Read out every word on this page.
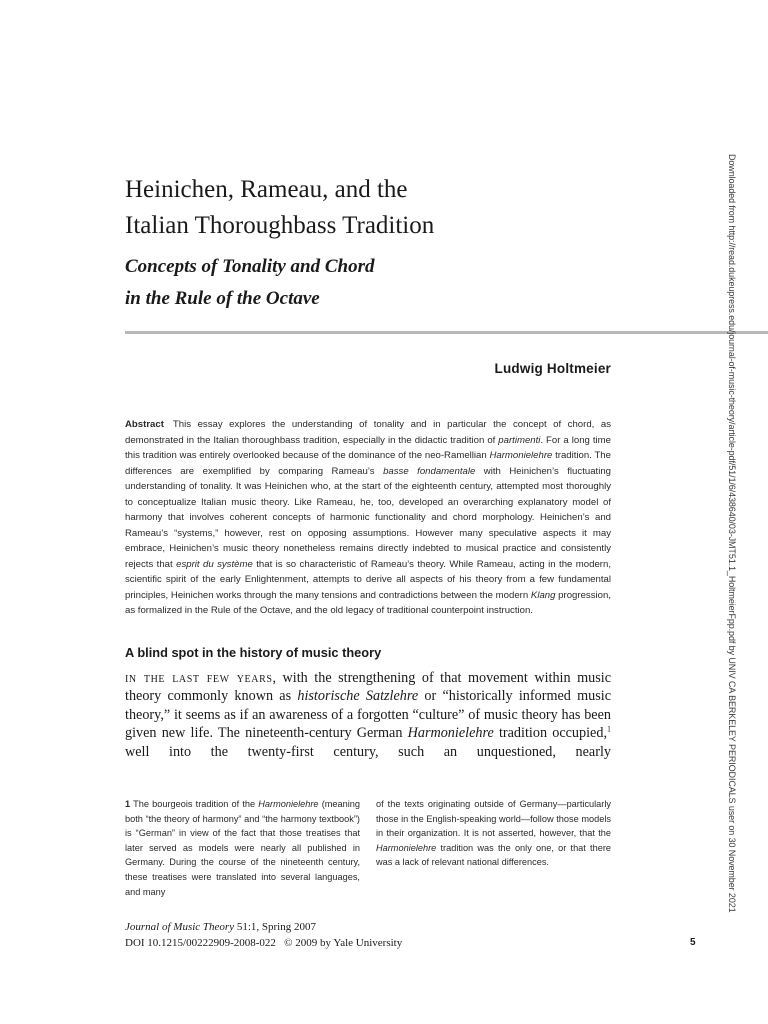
Heinichen, Rameau, and the
Italian Thoroughbass Tradition
Concepts of Tonality and Chord
in the Rule of the Octave
Ludwig Holtmeier

Abstract This essay explores the understanding of tonality and in particular the concept of chord, as demonstrated in the Italian thoroughbass tradition, especially in the didactic tradition of partimenti. For a long time this tradition was entirely overlooked because of the dominance of the neo-Ramellian Harmonielehre tradition. The differences are exemplified by comparing Rameau’s basse fondamentale with Heinichen’s fluctuating understanding of tonality. It was Heinichen who, at the start of the eighteenth century, attempted most thoroughly to conceptualize Italian music theory. Like Rameau, he, too, developed an overarching explanatory model of harmony that involves coherent concepts of harmonic functionality and chord morphology. Heinichen’s and Rameau’s “systems,” however, rest on opposing assumptions. However many speculative aspects it may embrace, Heinichen’s music theory nonetheless remains directly indebted to musical practice and consistently rejects that esprit du système that is so characteristic of Rameau’s theory. While Rameau, acting in the modern, scientific spirit of the early Enlightenment, attempts to derive all aspects of his theory from a few fundamental principles, Heinichen works through the many tensions and contradictions between the modern Klang progression, as formalized in the Rule of the Octave, and the old legacy of traditional counterpoint instruction.

A blind spot in the history of music theory

in the last few years, with the strengthening of that movement within music theory commonly known as historische Satzlehre or “historically informed music theory,” it seems as if an awareness of a forgotten “culture” of music theory has been given new life. The nineteenth-century German Harmonielehre tradition occupied,$^1$ well into the twenty-first century, such an unquestioned, nearly

1 The bourgeois tradition of the Harmonielehre (meaning both “the theory of harmony” and “the harmony textbook”) is “German” in view of the fact that those treatises that later served as models were nearly all published in Germany. During the course of the nineteenth century, these treatises were translated into several languages, and many
of the texts originating outside of Germany—particularly those in the English-speaking world—follow those models in their organization. It is not asserted, however, that the Harmonielehre tradition was the only one, or that there was a lack of relevant national differences.
Journal of Music Theory 51:1, Spring 2007
DOI 10.1215/00222909-2008-022   © 2009 by Yale University	5
Downloaded from http://read.dukeupress.edu/journal-of-music-theory/article-pdf/51/1/6/438640/03-JMT51.1_HoltmeierFpp.pdf by UNIV CA BERKELEY PERIODICALS user on 30 November 2021
